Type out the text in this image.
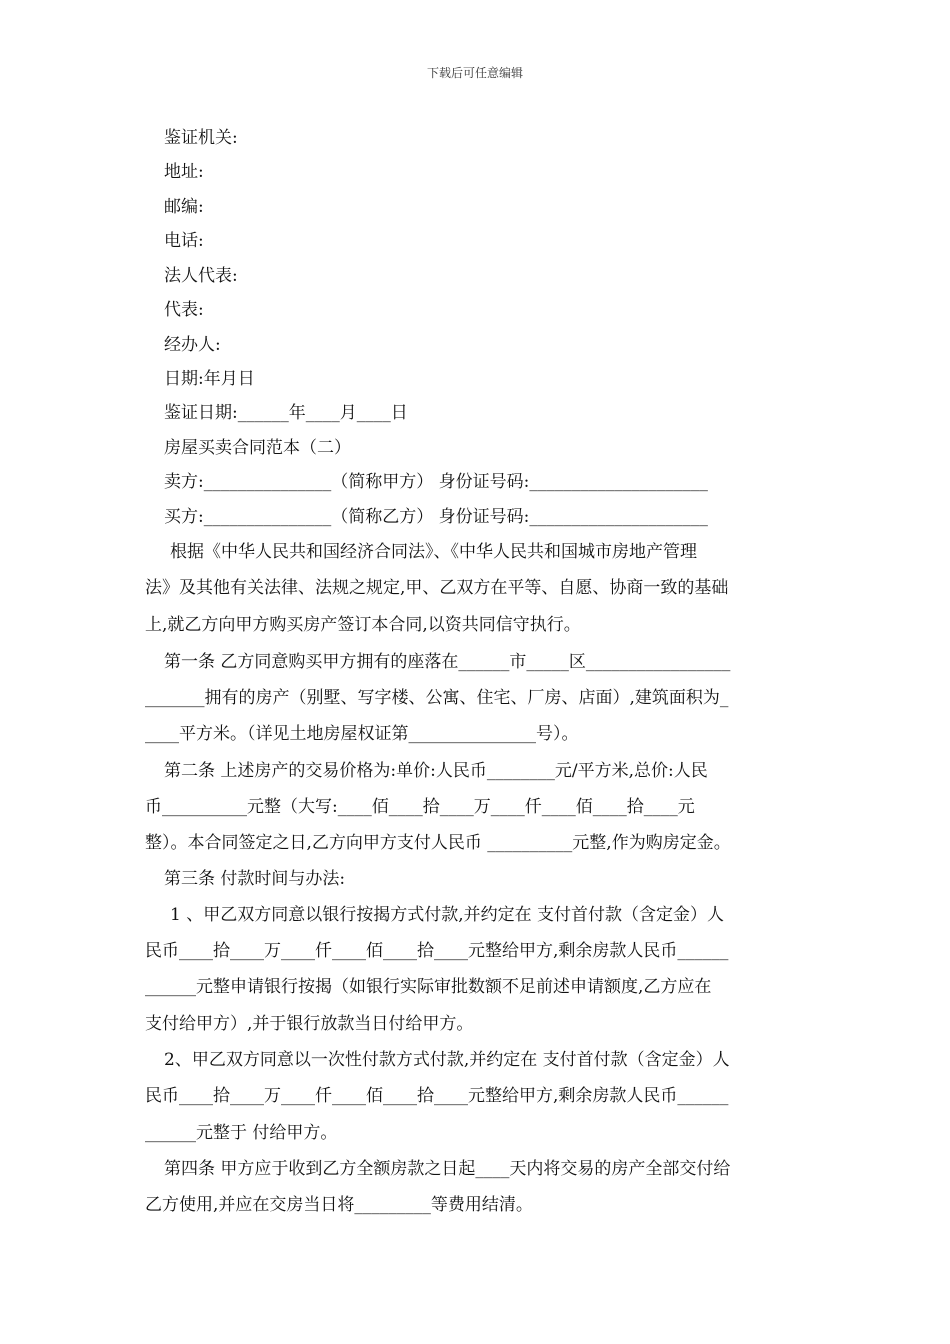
下载后可任意编辑
鉴证机关:
地址:
邮编:
电话:
法人代表:
代表:
经办人:
日期:年月日
鉴证日期:______年____月____日
房屋买卖合同范本（二）
卖方:_______________（简称甲方） 身份证号码:_____________________
买方:_______________（简称乙方） 身份证号码:_____________________
根据《中华人民共和国经济合同法》、《中华人民共和国城市房地产管理
法》及其他有关法律、法规之规定,甲、乙双方在平等、自愿、协商一致的基础
上,就乙方向甲方购买房产签订本合同,以资共同信守执行。
第一条 乙方同意购买甲方拥有的座落在______市_____区_________________
_______拥有的房产（别墅、写字楼、公寓、住宅、厂房、店面）,建筑面积为_
____平方米。（详见土地房屋权证第_______________号）。
第二条 上述房产的交易价格为:单价:人民币________元/平方米,总价:人民
币__________元整（大写:____佰____拾____万____仟____佰____拾____元
整）。本合同签定之日,乙方向甲方支付人民币 __________元整,作为购房定金。
第三条 付款时间与办法:
1 、甲乙双方同意以银行按揭方式付款,并约定在 支付首付款（含定金）人
民币____拾____万____仟____佰____拾____元整给甲方,剩余房款人民币______
______元整申请银行按揭（如银行实际审批数额不足前述申请额度,乙方应在
支付给甲方）,并于银行放款当日付给甲方。
2、甲乙双方同意以一次性付款方式付款,并约定在 支付首付款（含定金）人
民币____拾____万____仟____佰____拾____元整给甲方,剩余房款人民币______
______元整于 付给甲方。
第四条 甲方应于收到乙方全额房款之日起____天内将交易的房产全部交付给
乙方使用,并应在交房当日将_________等费用结清。
